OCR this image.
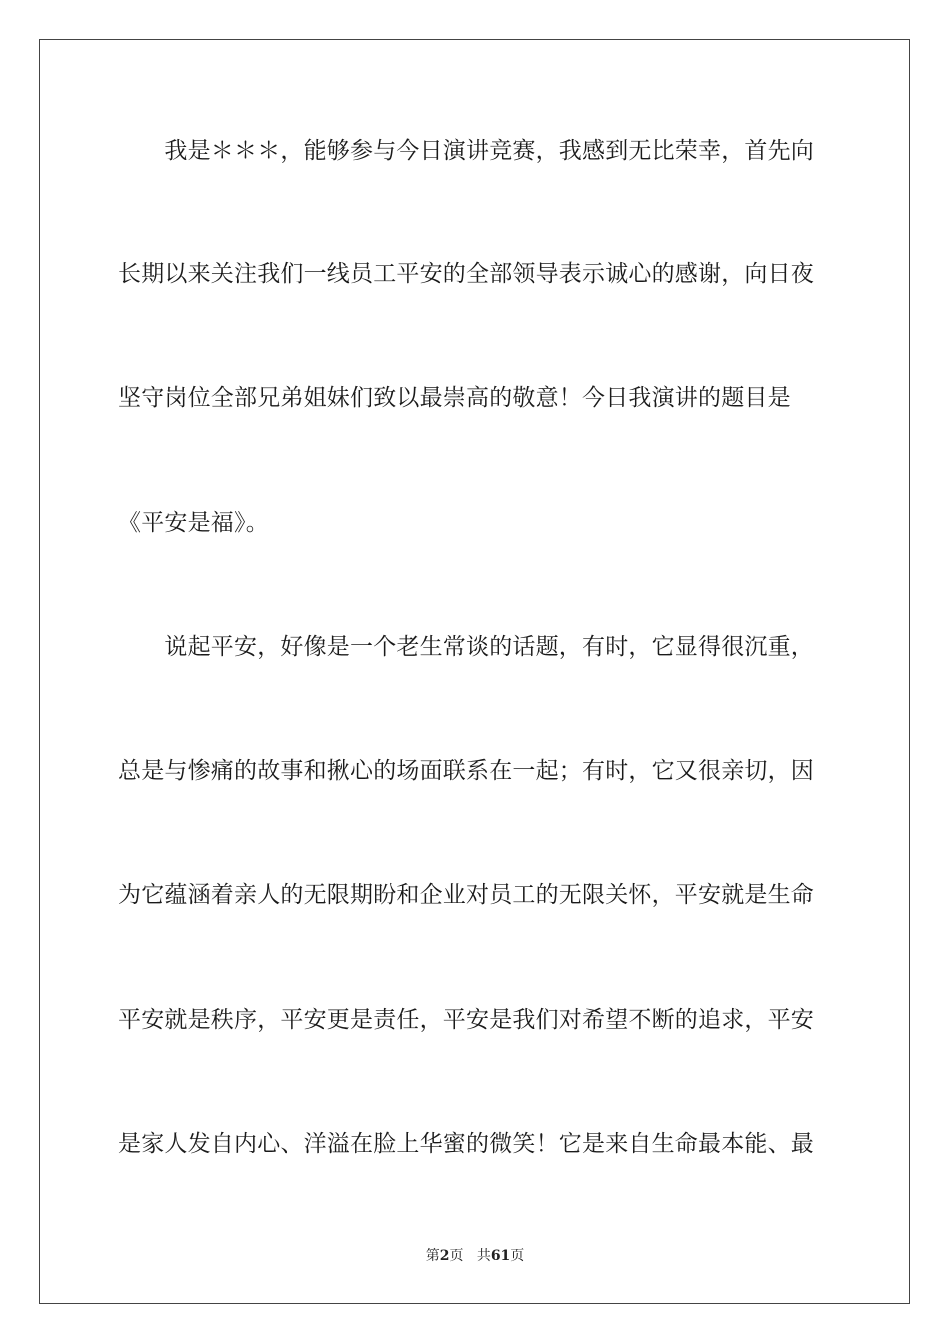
　　我是＊＊＊，能够参与今日演讲竞赛，我感到无比荣幸，首先向
长期以来关注我们一线员工平安的全部领导表示诚心的感谢，向日夜
坚守岗位全部兄弟姐妹们致以最崇高的敬意！今日我演讲的题目是
《平安是福》。
　　说起平安，好像是一个老生常谈的话题，有时，它显得很沉重，
总是与惨痛的故事和揪心的场面联系在一起；有时，它又很亲切，因
为它蕴涵着亲人的无限期盼和企业对员工的无限关怀，平安就是生命
平安就是秩序，平安更是责任，平安是我们对希望不断的追求，平安
是家人发自内心、洋溢在脸上华蜜的微笑！它是来自生命最本能、最
第2页 共61页
